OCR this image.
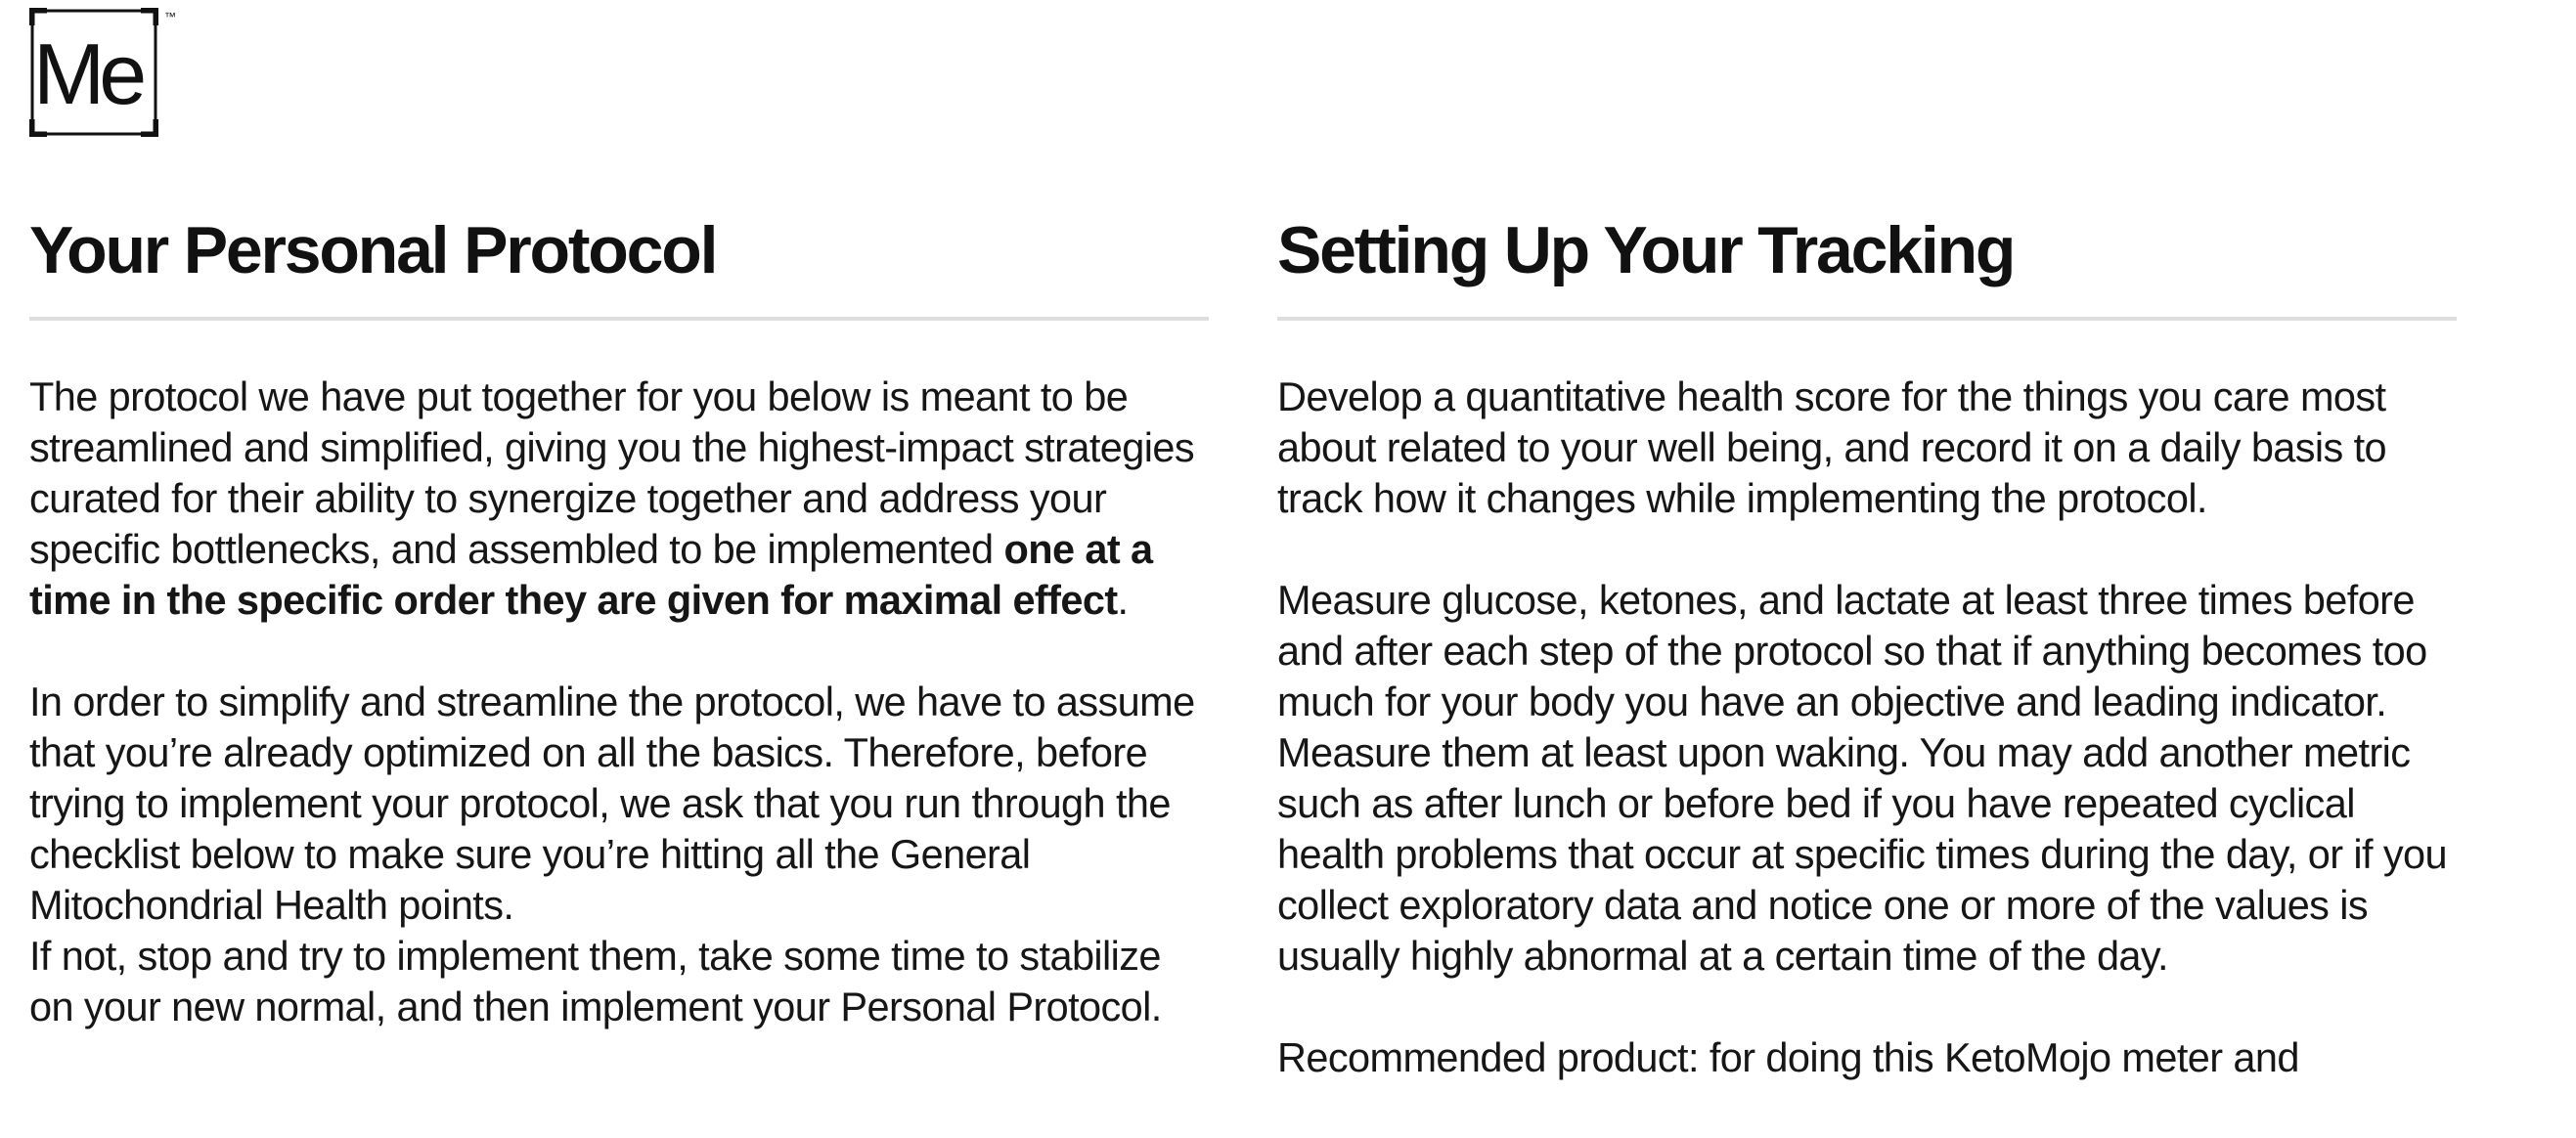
Me
™
Your Personal Protocol

The protocol we have put together for you below is meant to be streamlined and simplified, giving you the highest-impact strategies curated for their ability to synergize together and address your specific bottlenecks, and assembled to be implemented one at a time in the specific order they are given for maximal effect.

In order to simplify and streamline the protocol, we have to assume that you’re already optimized on all the basics. Therefore, before trying to implement your protocol, we ask that you run through the checklist below to make sure you’re hitting all the General Mitochondrial Health points.

If not, stop and try to implement them, take some time to stabilize on your new normal, and then implement your Personal Protocol.

Setting Up Your Tracking

Develop a quantitative health score for the things you care most about related to your well being, and record it on a daily basis to track how it changes while implementing the protocol.

Measure glucose, ketones, and lactate at least three times before and after each step of the protocol so that if anything becomes too much for your body you have an objective and leading indicator. Measure them at least upon waking. You may add another metric such as after lunch or before bed if you have repeated cyclical health problems that occur at specific times during the day, or if you collect exploratory data and notice one or more of the values is usually highly abnormal at a certain time of the day.

Recommended product: for doing this KetoMojo meter and
